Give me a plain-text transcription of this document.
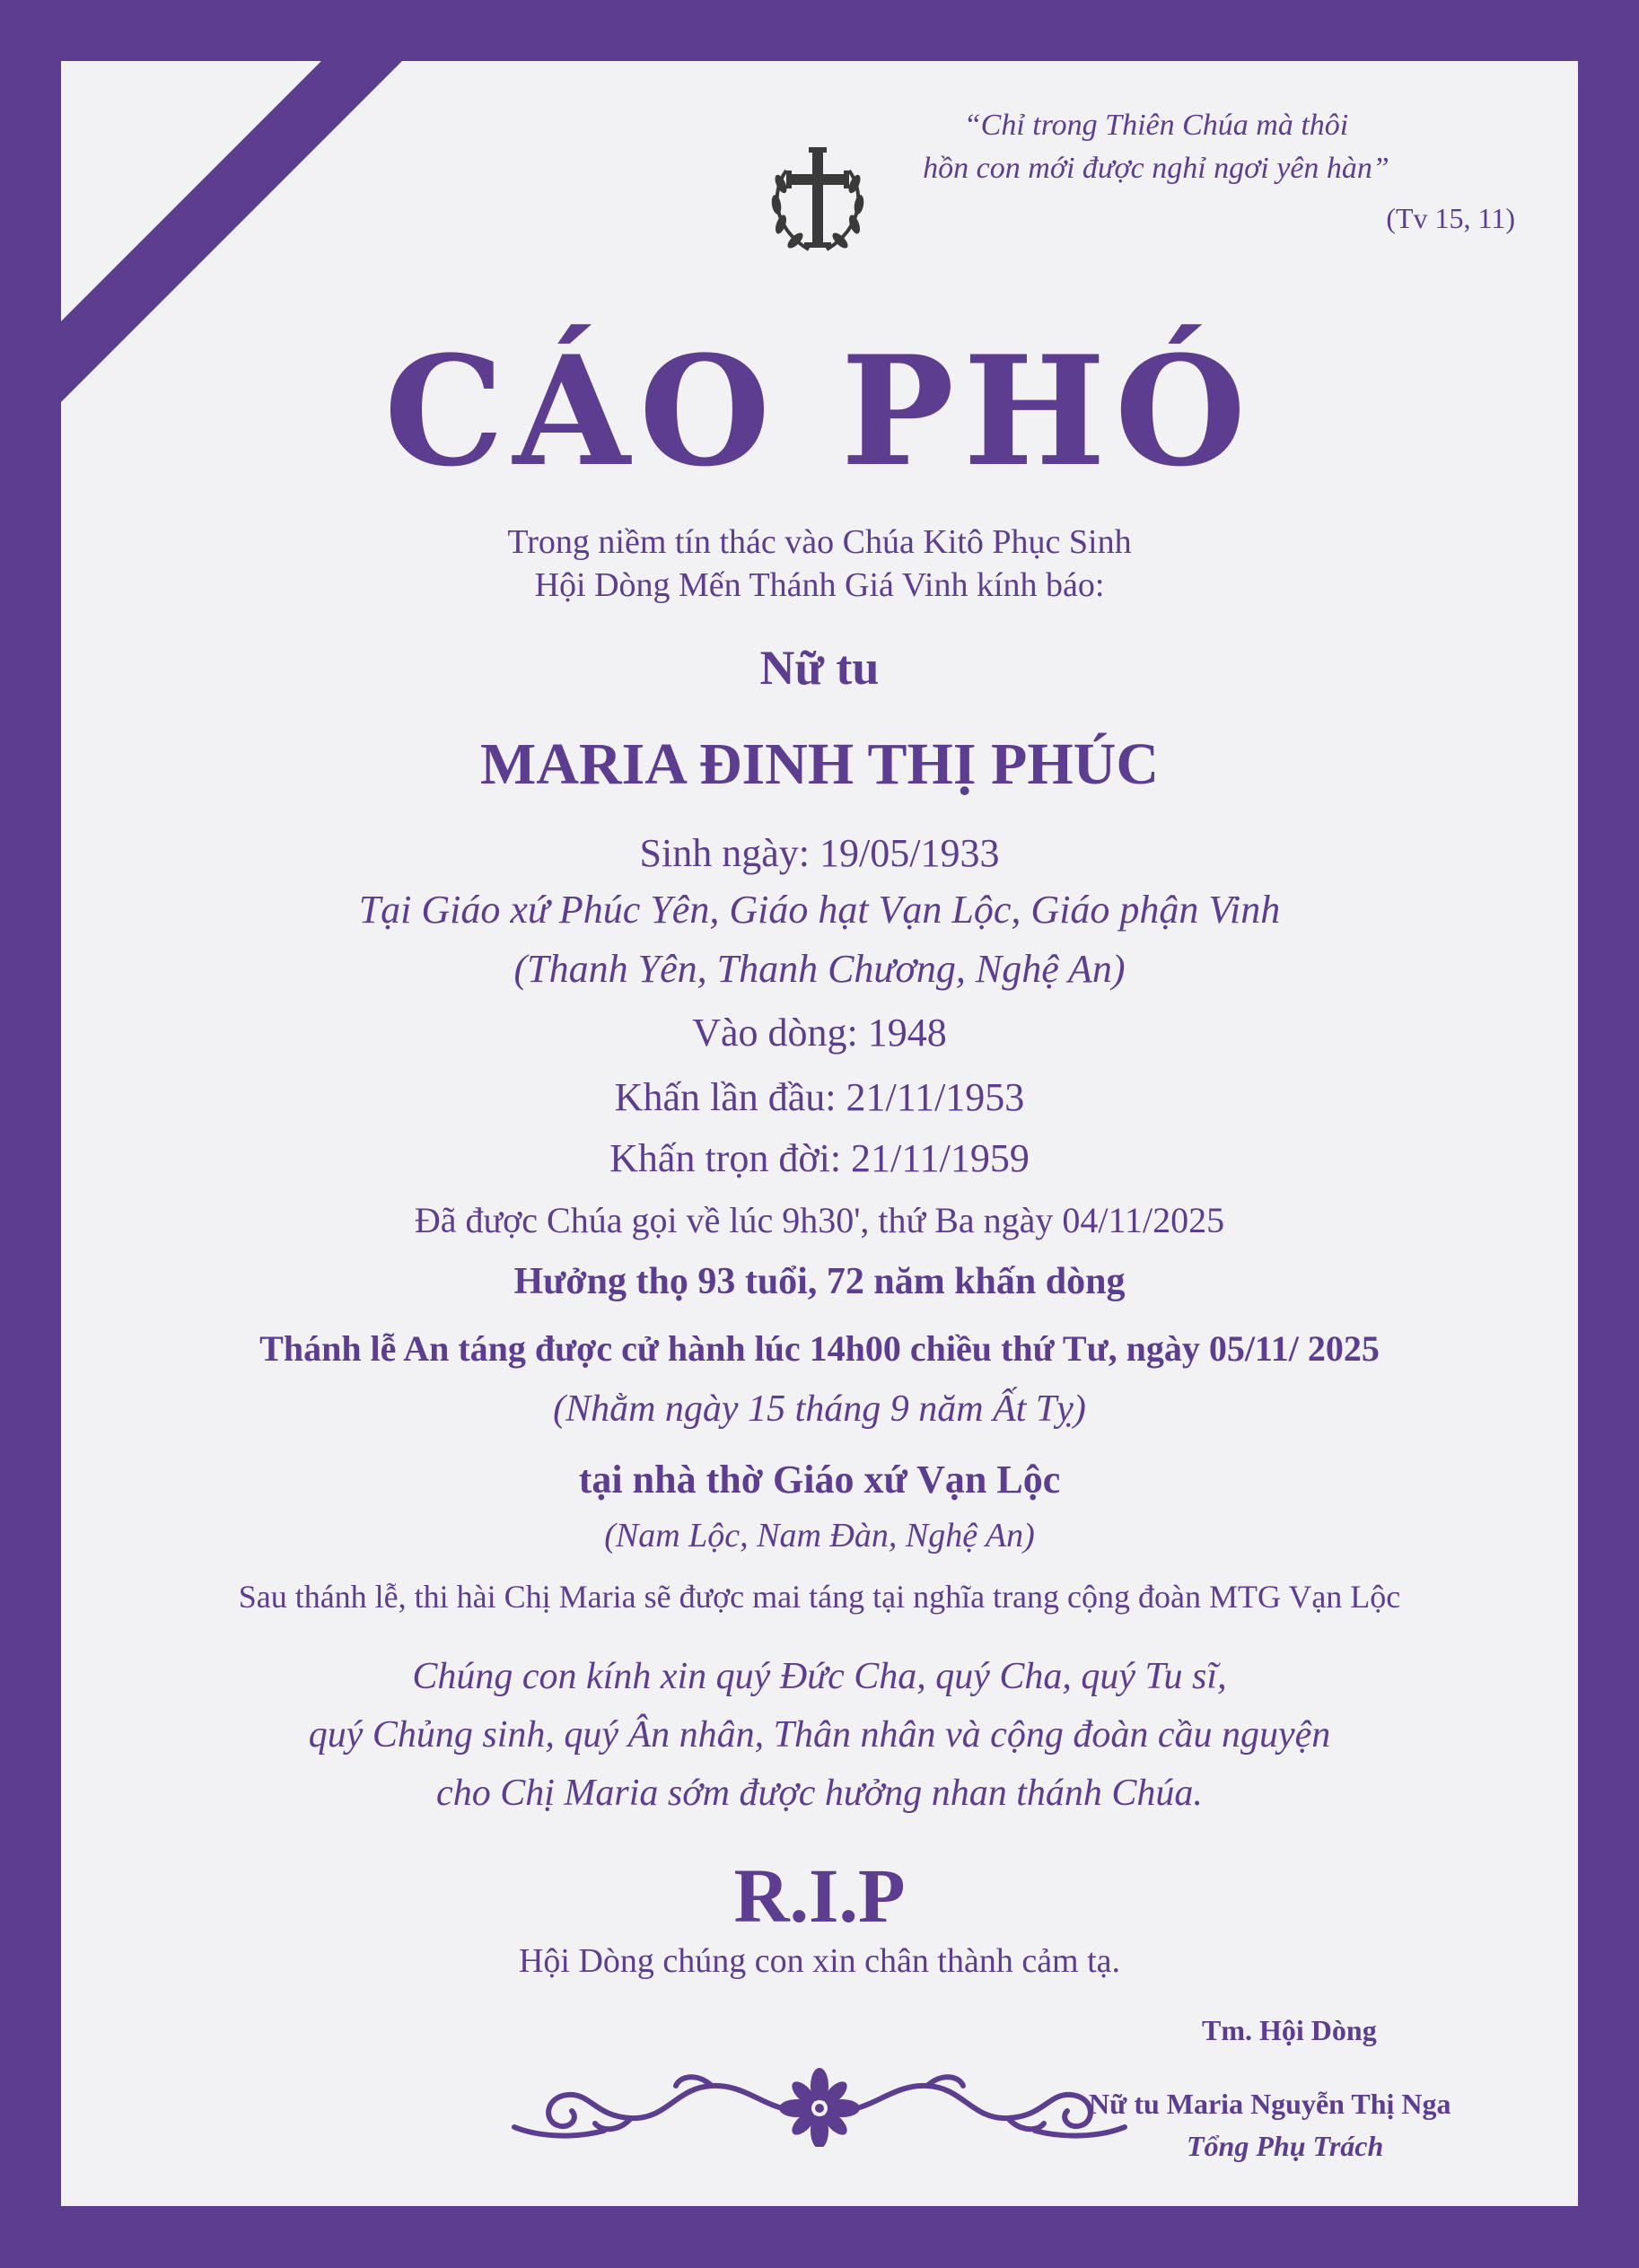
“Chỉ trong Thiên Chúa mà thôi
hồn con mới được nghỉ ngơi yên hàn”
(Tv 15, 11)
CÁO PHÓ
Trong niềm tín thác vào Chúa Kitô Phục Sinh
Hội Dòng Mến Thánh Giá Vinh kính báo:
Nữ tu
MARIA ĐINH THỊ PHÚC
Sinh ngày: 19/05/1933
Tại Giáo xứ Phúc Yên, Giáo hạt Vạn Lộc, Giáo phận Vinh
(Thanh Yên, Thanh Chương, Nghệ An)
Vào dòng: 1948
Khấn lần đầu: 21/11/1953
Khấn trọn đời: 21/11/1959
Đã được Chúa gọi về lúc 9h30', thứ Ba ngày 04/11/2025
Hưởng thọ 93 tuổi, 72 năm khấn dòng
Thánh lễ An táng được cử hành lúc 14h00 chiều thứ Tư, ngày 05/11/ 2025
(Nhằm ngày 15 tháng 9 năm Ất Tỵ)
tại nhà thờ Giáo xứ Vạn Lộc
(Nam Lộc, Nam Đàn, Nghệ An)
Sau thánh lễ, thi hài Chị Maria sẽ được mai táng tại nghĩa trang cộng đoàn MTG Vạn Lộc
Chúng con kính xin quý Đức Cha, quý Cha, quý Tu sĩ,
quý Chủng sinh, quý Ân nhân, Thân nhân và cộng đoàn cầu nguyện
cho Chị Maria sớm được hưởng nhan thánh Chúa.
R.I.P
Hội Dòng chúng con xin chân thành cảm tạ.
Tm. Hội Dòng
Nữ tu Maria Nguyễn Thị Nga
Tổng Phụ Trách
